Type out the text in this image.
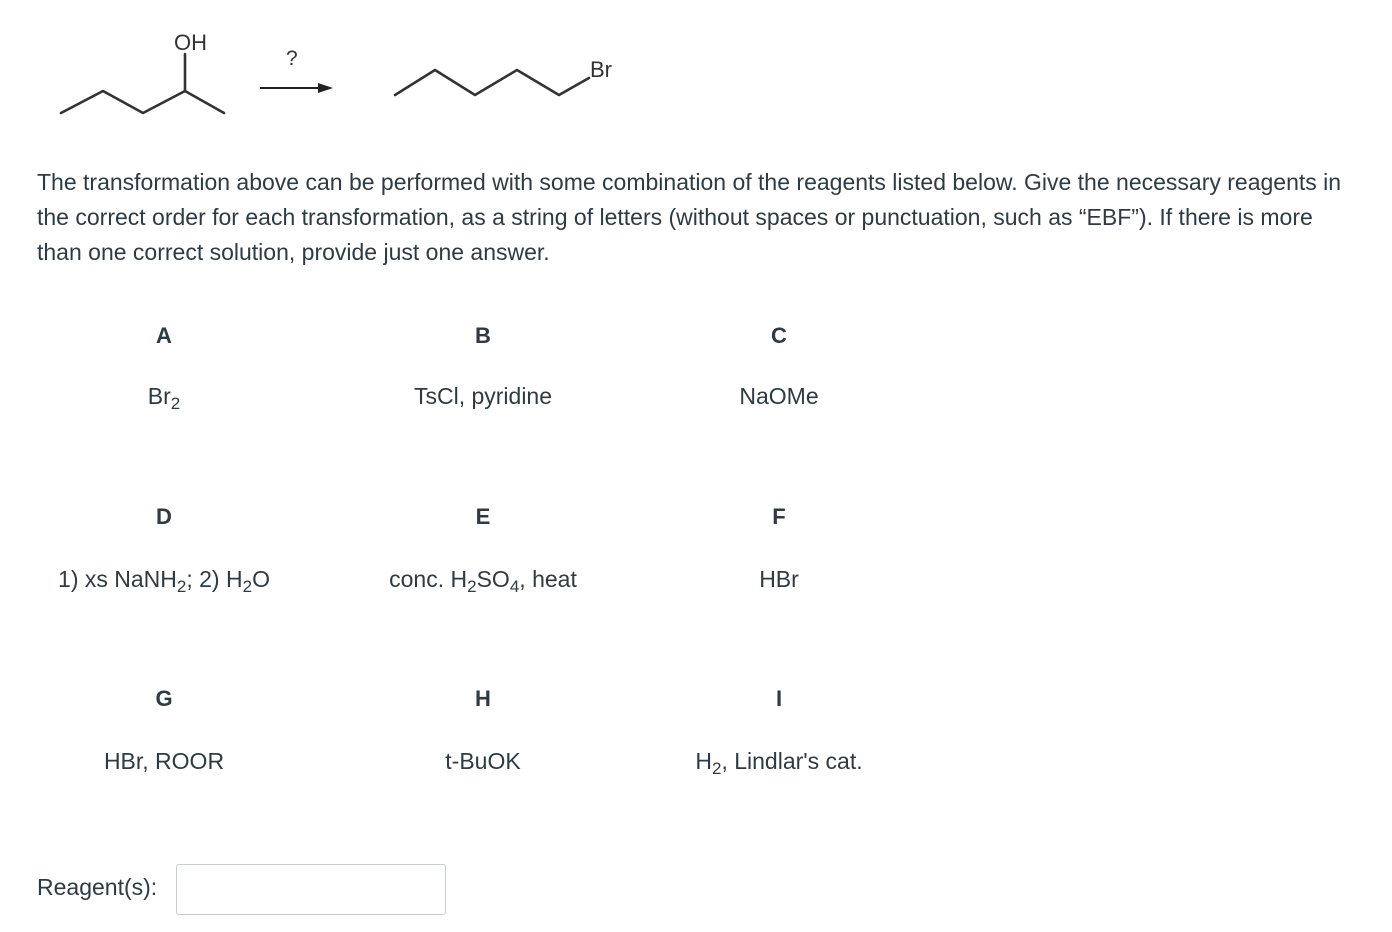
OH
?	Br

The transformation above can be performed with some combination of the reagents listed below. Give the necessary reagents in the correct order for each transformation, as a string of letters (without spaces or punctuation, such as “EBF”). If there is more than one correct solution, provide just one answer.

A
$Br_2$
B
TsCl, pyridine
C
NaOMe
D
1) xs NaNH$_2$; 2) $H_2O$
E
conc. $H_2SO_4$, heat
F
HBr
G
HBr, ROOR
H
t-BuOK
I
$H_2$, Lindlar's cat.
Reagent(s):
